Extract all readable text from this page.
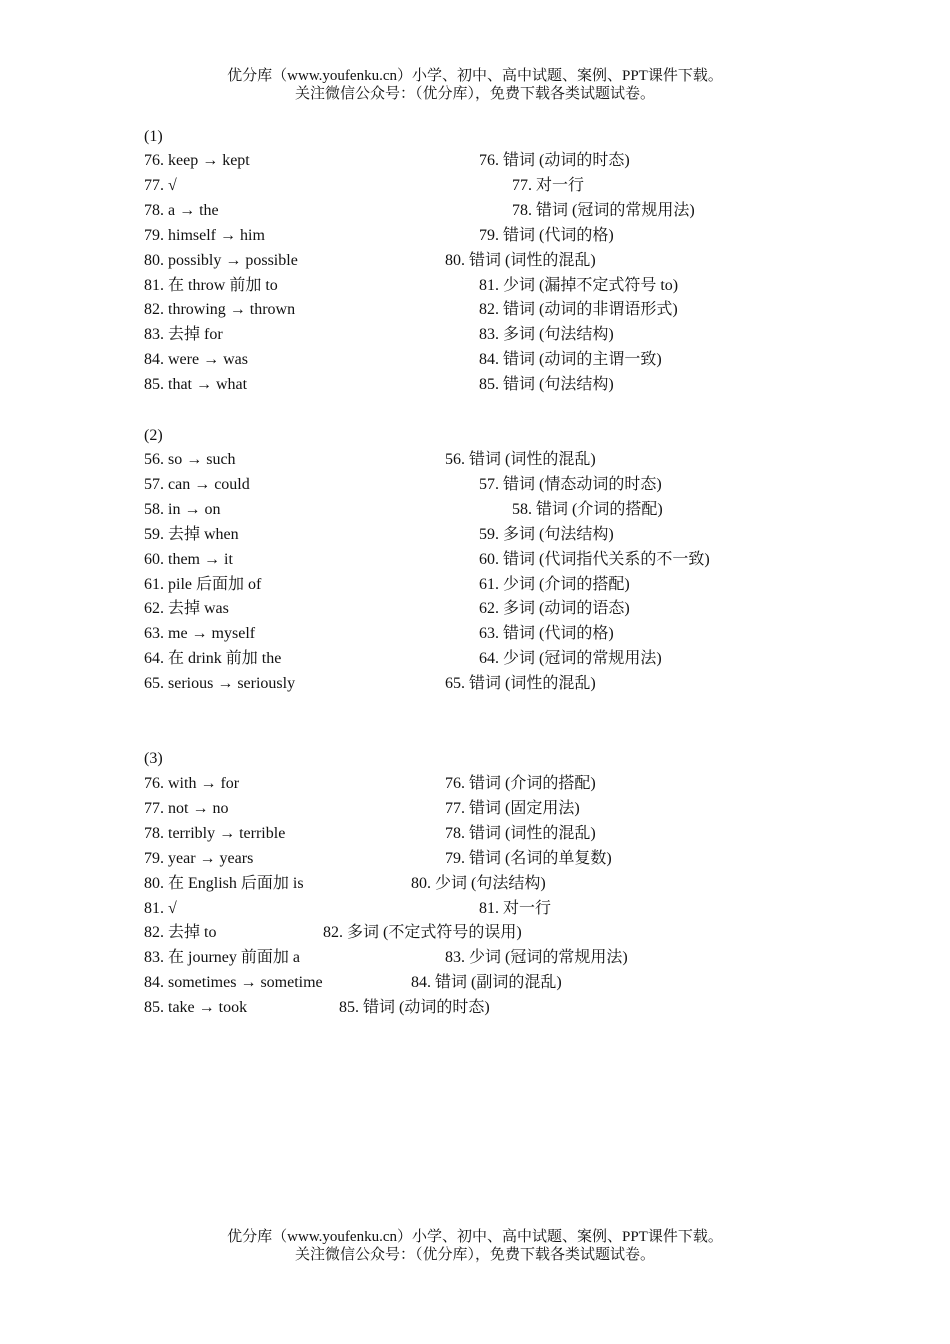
优分库（www.youfenku.cn）小学、初中、高中试题、案例、PPT课件下载。
关注微信公众号：（优分库），免费下载各类试题试卷。
(1)
76. keep → kept	76. 错词 (动词的时态)
77. √	77. 对一行
78. a → the	78. 错词 (冠词的常规用法)
79. himself → him	79. 错词 (代词的格)
80. possibly → possible	80. 错词 (词性的混乱)
81. 在 throw 前加 to	81. 少词 (漏掉不定式符号 to)
82. throwing → thrown	82. 错词 (动词的非谓语形式)
83. 去掉 for	83. 多词 (句法结构)
84. were → was	84. 错词 (动词的主谓一致)
85. that → what	85. 错词 (句法结构)
(2)
56. so → such	56. 错词 (词性的混乱)
57. can → could	57. 错词 (情态动词的时态)
58. in → on	58. 错词 (介词的搭配)
59. 去掉 when	59. 多词 (句法结构)
60. them → it	60. 错词 (代词指代关系的不一致)
61. pile 后面加 of	61. 少词 (介词的搭配)
62. 去掉 was	62. 多词 (动词的语态)
63. me → myself	63. 错词 (代词的格)
64. 在 drink 前加 the	64. 少词 (冠词的常规用法)
65. serious → seriously	65. 错词 (词性的混乱)
(3)
76. with → for	76. 错词 (介词的搭配)
77. not → no	77. 错词 (固定用法)
78. terribly → terrible	78. 错词 (词性的混乱)
79. year → years	79. 错词 (名词的单复数)
80. 在 English 后面加 is	80. 少词 (句法结构)
81. √	81. 对一行
82. 去掉 to	82. 多词 (不定式符号的误用)
83. 在 journey 前面加 a	83. 少词 (冠词的常规用法)
84. sometimes → sometime	84. 错词 (副词的混乱)
85. take → took	85. 错词 (动词的时态)
优分库（www.youfenku.cn）小学、初中、高中试题、案例、PPT课件下载。
关注微信公众号：（优分库），免费下载各类试题试卷。
